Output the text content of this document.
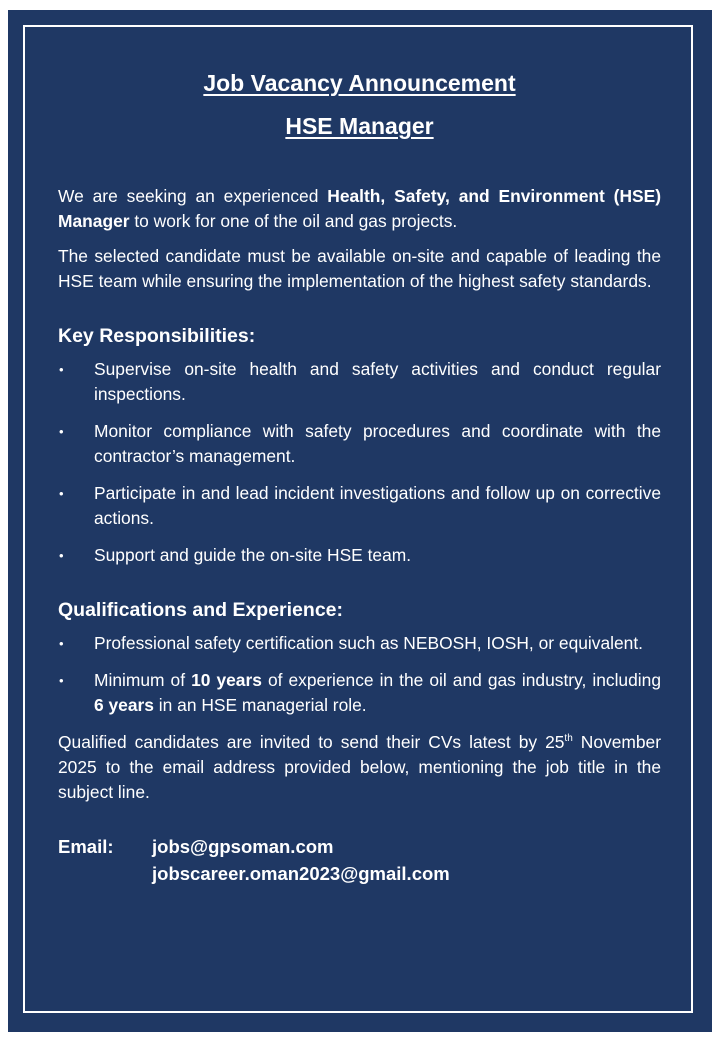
Job Vacancy Announcement
HSE Manager

We are seeking an experienced Health, Safety, and Environment (HSE) Manager to work for one of the oil and gas projects.

The selected candidate must be available on-site and capable of leading the HSE team while ensuring the implementation of the highest safety standards.

Key Responsibilities:
• Supervise on-site health and safety activities and conduct regular inspections.
• Monitor compliance with safety procedures and coordinate with the contractor’s management.
• Participate in and lead incident investigations and follow up on corrective actions.
• Support and guide the on-site HSE team.
Qualifications and Experience:
• Professional safety certification such as NEBOSH, IOSH, or equivalent.
• Minimum of 10 years of experience in the oil and gas industry, including 6 years in an HSE managerial role.

Qualified candidates are invited to send their CVs latest by 25th November 2025 to the email address provided below, mentioning the job title in the subject line.

Email:	jobs@gpsoman.com
jobscareer.oman2023@gmail.com
